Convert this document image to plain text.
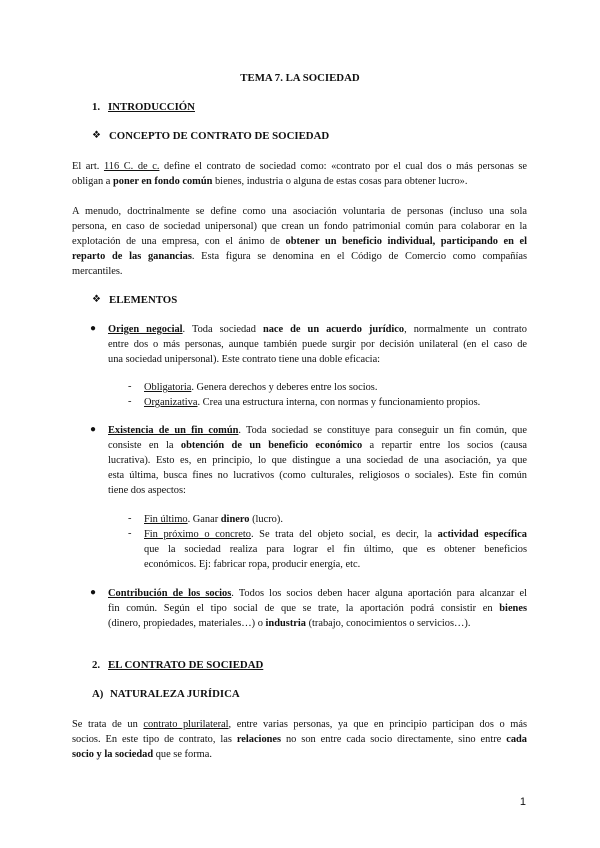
TEMA 7. LA SOCIEDAD
1. INTRODUCCIÓN
❖ CONCEPTO DE CONTRATO DE SOCIEDAD
El art. 116 C. de c. define el contrato de sociedad como: «contrato por el cual dos o más personas se
obligan a poner en fondo común bienes, industria o alguna de estas cosas para obtener lucro».
A menudo, doctrinalmente se define como una asociación voluntaria de personas (incluso una sola
persona, en caso de sociedad unipersonal) que crean un fondo patrimonial común para colaborar en la
explotación de una empresa, con el ánimo de obtener un beneficio individual, participando en el
reparto de las ganancias. Esta figura se denomina en el Código de Comercio como compañías
mercantiles.
❖ ELEMENTOS
● Origen negocial. Toda sociedad nace de un acuerdo jurídico, normalmente un contrato
entre dos o más personas, aunque también puede surgir por decisión unilateral (en el caso de
una sociedad unipersonal). Este contrato tiene una doble eficacia:
- Obligatoria. Genera derechos y deberes entre los socios.
- Organizativa. Crea una estructura interna, con normas y funcionamiento propios.
● Existencia de un fin común. Toda sociedad se constituye para conseguir un fin común, que
consiste en la obtención de un beneficio económico a repartir entre los socios (causa
lucrativa). Esto es, en principio, lo que distingue a una sociedad de una asociación, ya que
esta última, busca fines no lucrativos (como culturales, religiosos o sociales). Este fin común
tiene dos aspectos:
- Fin último. Ganar dinero (lucro).
- Fin próximo o concreto. Se trata del objeto social, es decir, la actividad específica
que la sociedad realiza para lograr el fin último, que es obtener beneficios
económicos. Ej: fabricar ropa, producir energía, etc.
● Contribución de los socios. Todos los socios deben hacer alguna aportación para alcanzar el
fin común. Según el tipo social de que se trate, la aportación podrá consistir en bienes
(dinero, propiedades, materiales…) o industria (trabajo, conocimientos o servicios…).
2. EL CONTRATO DE SOCIEDAD
A) NATURALEZA JURÍDICA
Se trata de un contrato plurilateral, entre varias personas, ya que en principio participan dos o más
socios. En este tipo de contrato, las relaciones no son entre cada socio directamente, sino entre cada
socio y la sociedad que se forma.
1
